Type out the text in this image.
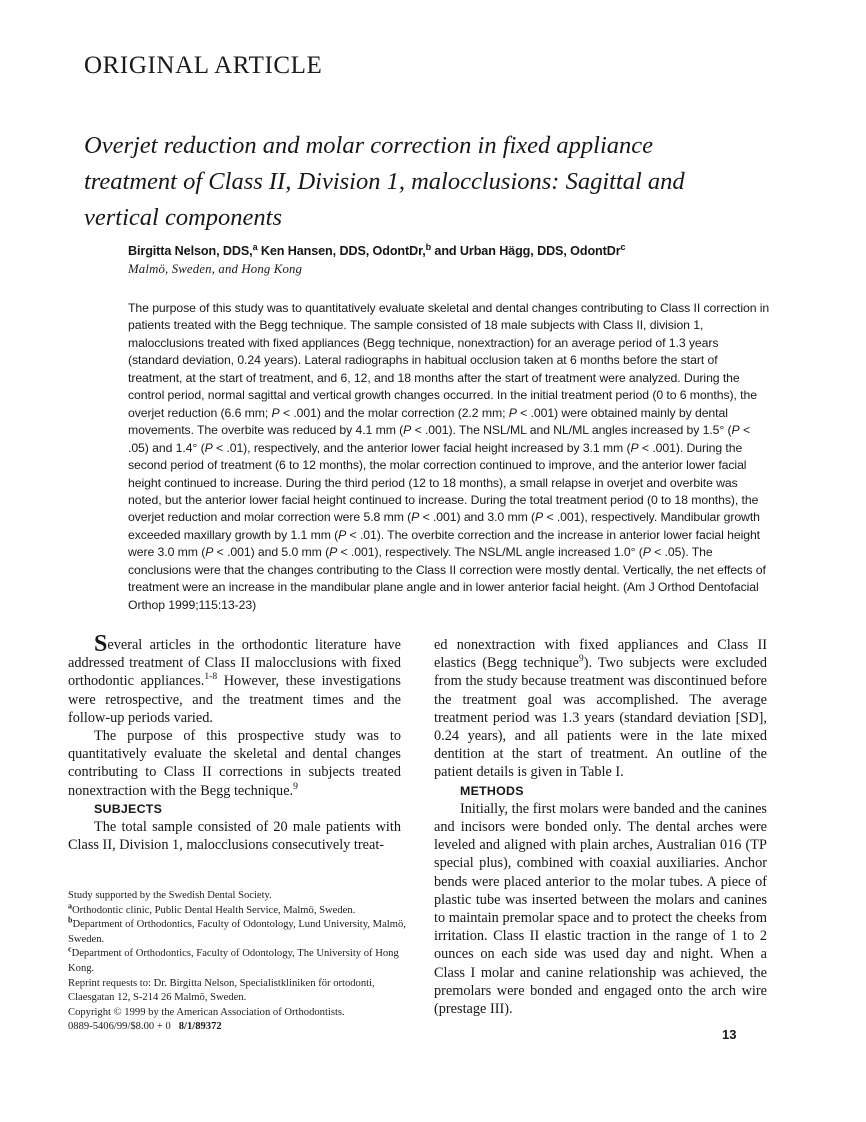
ORIGINAL ARTICLE
Overjet reduction and molar correction in fixed appliance treatment of Class II, Division 1, malocclusions: Sagittal and vertical components
Birgitta Nelson, DDS,$^a$ Ken Hansen, DDS, OdontDr,$^b$ and Urban Hägg, DDS, OdontDr$^c$
Malmö, Sweden, and Hong Kong
The purpose of this study was to quantitatively evaluate skeletal and dental changes contributing to Class II correction in patients treated with the Begg technique. The sample consisted of 18 male subjects with Class II, division 1, malocclusions treated with fixed appliances (Begg technique, nonextraction) for an average period of 1.3 years (standard deviation, 0.24 years). Lateral radiographs in habitual occlusion taken at 6 months before the start of treatment, at the start of treatment, and 6, 12, and 18 months after the start of treatment were analyzed. During the control period, normal sagittal and vertical growth changes occurred. In the initial treatment period (0 to 6 months), the overjet reduction (6.6 mm; P < .001) and the molar correction (2.2 mm; P < .001) were obtained mainly by dental movements. The overbite was reduced by 4.1 mm (P < .001). The NSL/ML and NL/ML angles increased by 1.5° (P < .05) and 1.4° (P < .01), respectively, and the anterior lower facial height increased by 3.1 mm (P < .001). During the second period of treatment (6 to 12 months), the molar correction continued to improve, and the anterior lower facial height continued to increase. During the third period (12 to 18 months), a small relapse in overjet and overbite was noted, but the anterior lower facial height continued to increase. During the total treatment period (0 to 18 months), the overjet reduction and molar correction were 5.8 mm (P < .001) and 3.0 mm (P < .001), respectively. Mandibular growth exceeded maxillary growth by 1.1 mm (P < .01). The overbite correction and the increase in anterior lower facial height were 3.0 mm (P < .001) and 5.0 mm (P < .001), respectively. The NSL/ML angle increased 1.0° (P < .05). The conclusions were that the changes contributing to the Class II correction were mostly dental. Vertically, the net effects of treatment were an increase in the mandibular plane angle and in lower anterior facial height. (Am J Orthod Dentofacial Orthop 1999;115:13-23)

Several articles in the orthodontic literature have addressed treatment of Class II malocclusions with fixed orthodontic appliances.$^{1-8}$ However, these investigations were retrospective, and the treatment times and the follow-up periods varied.

The purpose of this prospective study was to quantitatively evaluate the skeletal and dental changes contributing to Class II corrections in subjects treated nonextraction with the Begg technique.$^9$

SUBJECTS

The total sample consisted of 20 male patients with Class II, Division 1, malocclusions consecutively treat-

ed nonextraction with fixed appliances and Class II elastics (Begg technique$^9$). Two subjects were excluded from the study because treatment was discontinued before the treatment goal was accomplished. The average treatment period was 1.3 years (standard deviation [SD], 0.24 years), and all patients were in the late mixed dentition at the start of treatment. An outline of the patient details is given in Table I.

METHODS

Initially, the first molars were banded and the canines and incisors were bonded only. The dental arches were leveled and aligned with plain arches, Australian 016 (TP special plus), combined with coaxial auxiliaries. Anchor bends were placed anterior to the molar tubes. A piece of plastic tube was inserted between the molars and canines to maintain premolar space and to protect the cheeks from irritation. Class II elastic traction in the range of 1 to 2 ounces on each side was used day and night. When a Class I molar and canine relationship was achieved, the premolars were bonded and engaged onto the arch wire (prestage III).

Study supported by the Swedish Dental Society.
$^a$Orthodontic clinic, Public Dental Health Service, Malmö, Sweden.
$^b$Department of Orthodontics, Faculty of Odontology, Lund University, Malmö, Sweden.
$^c$Department of Orthodontics, Faculty of Odontology, The University of Hong Kong.
Reprint requests to: Dr. Birgitta Nelson, Specialistkliniken för ortodonti, Claesgatan 12, S-214 26 Malmö, Sweden.
Copyright © 1999 by the American Association of Orthodontists.
0889-5406/99/$8.00 + 0   8/1/89372
13
